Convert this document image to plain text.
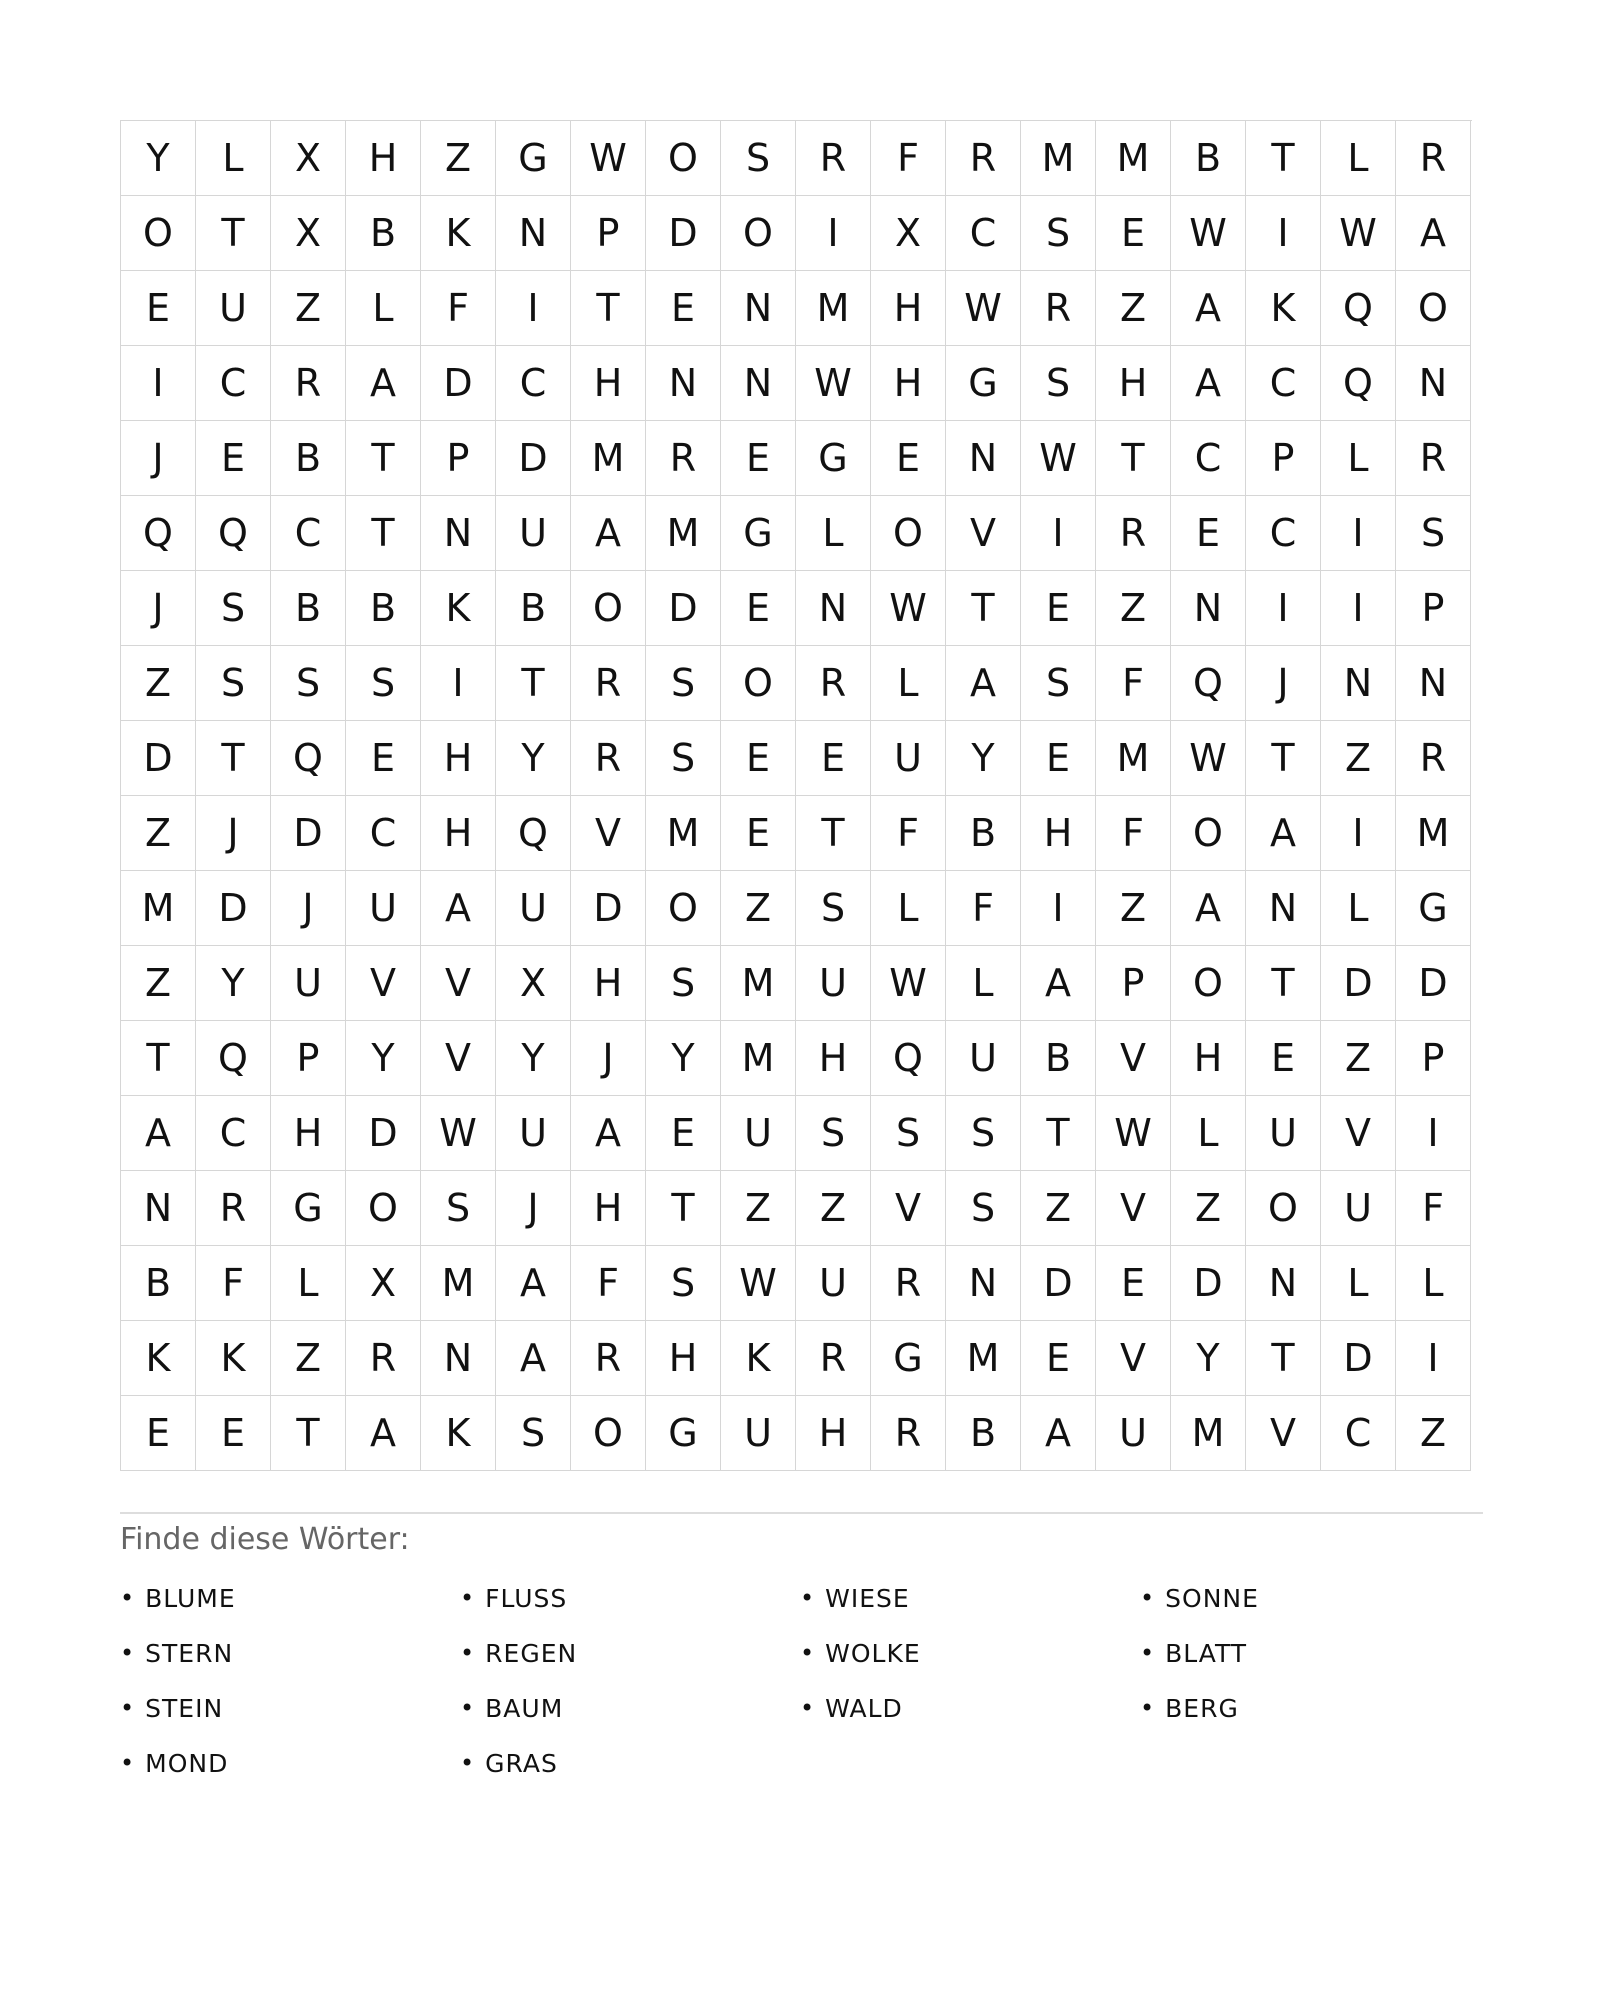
Y	L	X	H	Z	G	W	O	S	R	F	R	M	M	B	T	L	R
O	T	X	B	K	N	P	D	O	I	X	C	S	E	W	I	W	A
E	U	Z	L	F	I	T	E	N	M	H	W	R	Z	A	K	Q	O
I	C	R	A	D	C	H	N	N	W	H	G	S	H	A	C	Q	N
J	E	B	T	P	D	M	R	E	G	E	N	W	T	C	P	L	R
Q	Q	C	T	N	U	A	M	G	L	O	V	I	R	E	C	I	S
J	S	B	B	K	B	O	D	E	N	W	T	E	Z	N	I	I	P
Z	S	S	S	I	T	R	S	O	R	L	A	S	F	Q	J	N	N
D	T	Q	E	H	Y	R	S	E	E	U	Y	E	M	W	T	Z	R
Z	J	D	C	H	Q	V	M	E	T	F	B	H	F	O	A	I	M
M	D	J	U	A	U	D	O	Z	S	L	F	I	Z	A	N	L	G
Z	Y	U	V	V	X	H	S	M	U	W	L	A	P	O	T	D	D
T	Q	P	Y	V	Y	J	Y	M	H	Q	U	B	V	H	E	Z	P
A	C	H	D	W	U	A	E	U	S	S	S	T	W	L	U	V	I
N	R	G	O	S	J	H	T	Z	Z	V	S	Z	V	Z	O	U	F
B	F	L	X	M	A	F	S	W	U	R	N	D	E	D	N	L	L
K	K	Z	R	N	A	R	H	K	R	G	M	E	V	Y	T	D	I
E	E	T	A	K	S	O	G	U	H	R	B	A	U	M	V	C	Z
Finde diese Wörter:
• BLUME	• FLUSS	• WIESE	• SONNE
• STERN	• REGEN	• WOLKE	• BLATT
• STEIN	• BAUM	• WALD	• BERG
• MOND	• GRAS
